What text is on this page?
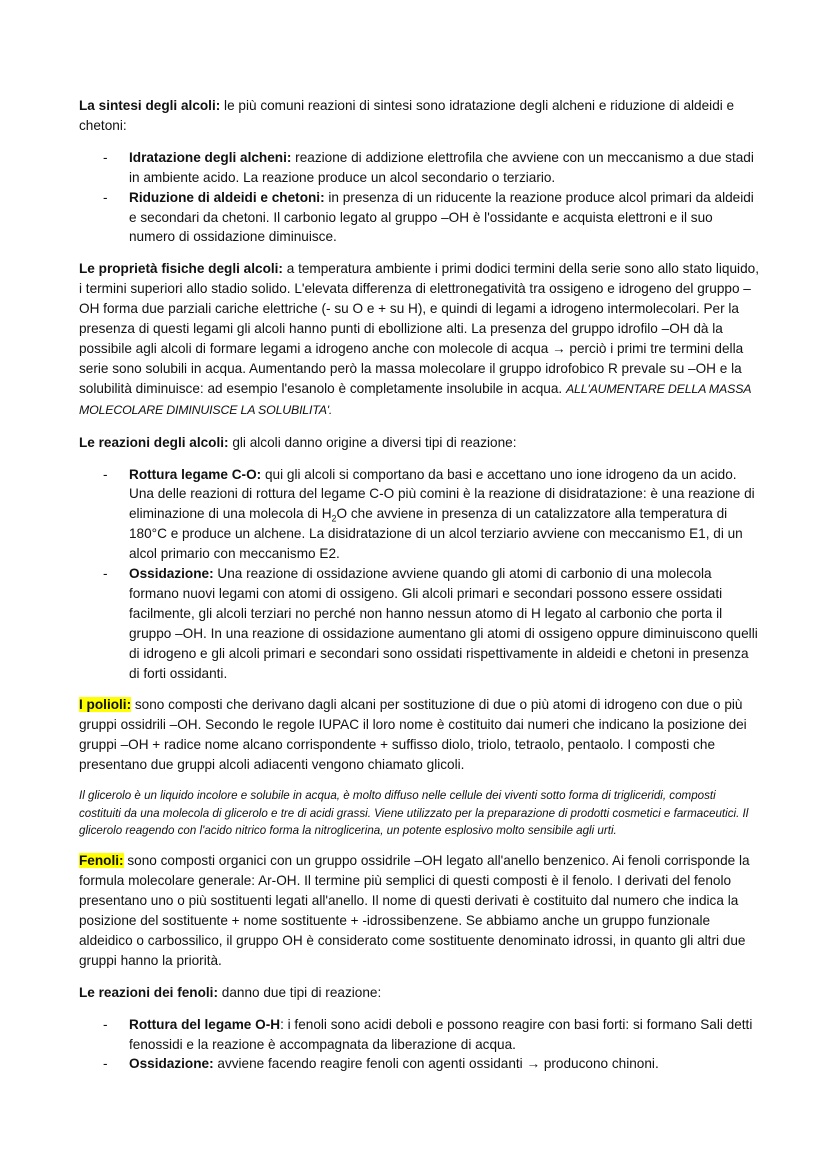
La sintesi degli alcoli: le più comuni reazioni di sintesi sono idratazione degli alcheni e riduzione di aldeidi e chetoni:

- Idratazione degli alcheni: reazione di addizione elettrofila che avviene con un meccanismo a due stadi in ambiente acido. La reazione produce un alcol secondario o terziario.
- Riduzione di aldeidi e chetoni: in presenza di un riducente la reazione produce alcol primari da aldeidi e secondari da chetoni. Il carbonio legato al gruppo –OH è l'ossidante e acquista elettroni e il suo numero di ossidazione diminuisce.

Le proprietà fisiche degli alcoli: a temperatura ambiente i primi dodici termini della serie sono allo stato liquido, i termini superiori allo stadio solido. L'elevata differenza di elettronegatività tra ossigeno e idrogeno del gruppo –OH forma due parziali cariche elettriche (- su O e + su H), e quindi di legami a idrogeno intermolecolari. Per la presenza di questi legami gli alcoli hanno punti di ebollizione alti. La presenza del gruppo idrofilo –OH dà la possibile agli alcoli di formare legami a idrogeno anche con molecole di acqua → perciò i primi tre termini della serie sono solubili in acqua. Aumentando però la massa molecolare il gruppo idrofobico R prevale su –OH e la solubilità diminuisce: ad esempio l'esanolo è completamente insolubile in acqua. ALL'AUMENTARE DELLA MASSA MOLECOLARE DIMINUISCE LA SOLUBILITA'.

Le reazioni degli alcoli: gli alcoli danno origine a diversi tipi di reazione:

- Rottura legame C-O: qui gli alcoli si comportano da basi e accettano uno ione idrogeno da un acido. Una delle reazioni di rottura del legame C-O più comini è la reazione di disidratazione: è una reazione di eliminazione di una molecola di $H_2O$ che avviene in presenza di un catalizzatore alla temperatura di 180°C e produce un alchene. La disidratazione di un alcol terziario avviene con meccanismo E1, di un alcol primario con meccanismo E2.
- Ossidazione: Una reazione di ossidazione avviene quando gli atomi di carbonio di una molecola formano nuovi legami con atomi di ossigeno. Gli alcoli primari e secondari possono essere ossidati facilmente, gli alcoli terziari no perché non hanno nessun atomo di H legato al carbonio che porta il gruppo –OH. In una reazione di ossidazione aumentano gli atomi di ossigeno oppure diminuiscono quelli di idrogeno e gli alcoli primari e secondari sono ossidati rispettivamente in aldeidi e chetoni in presenza di forti ossidanti.

I polioli: sono composti che derivano dagli alcani per sostituzione di due o più atomi di idrogeno con due o più gruppi ossidrili –OH. Secondo le regole IUPAC il loro nome è costituito dai numeri che indicano la posizione dei gruppi –OH + radice nome alcano corrispondente + suffisso diolo, triolo, tetraolo, pentaolo. I composti che presentano due gruppi alcoli adiacenti vengono chiamato glicoli.

Il glicerolo è un liquido incolore e solubile in acqua, è molto diffuso nelle cellule dei viventi sotto forma di trigliceridi, composti costituiti da una molecola di glicerolo e tre di acidi grassi. Viene utilizzato per la preparazione di prodotti cosmetici e farmaceutici. Il glicerolo reagendo con l'acido nitrico forma la nitroglicerina, un potente esplosivo molto sensibile agli urti.

Fenoli: sono composti organici con un gruppo ossidrile –OH legato all'anello benzenico. Ai fenoli corrisponde la formula molecolare generale: Ar-OH. Il termine più semplici di questi composti è il fenolo. I derivati del fenolo presentano uno o più sostituenti legati all'anello. Il nome di questi derivati è costituito dal numero che indica la posizione del sostituente + nome sostituente + -idrossibenzene. Se abbiamo anche un gruppo funzionale aldeidico o carbossilico, il gruppo OH è considerato come sostituente denominato idrossi, in quanto gli altri due gruppi hanno la priorità.

Le reazioni dei fenoli: danno due tipi di reazione:

- Rottura del legame O-H: i fenoli sono acidi deboli e possono reagire con basi forti: si formano Sali detti fenossidi e la reazione è accompagnata da liberazione di acqua.
- Ossidazione: avviene facendo reagire fenoli con agenti ossidanti → producono chinoni.
